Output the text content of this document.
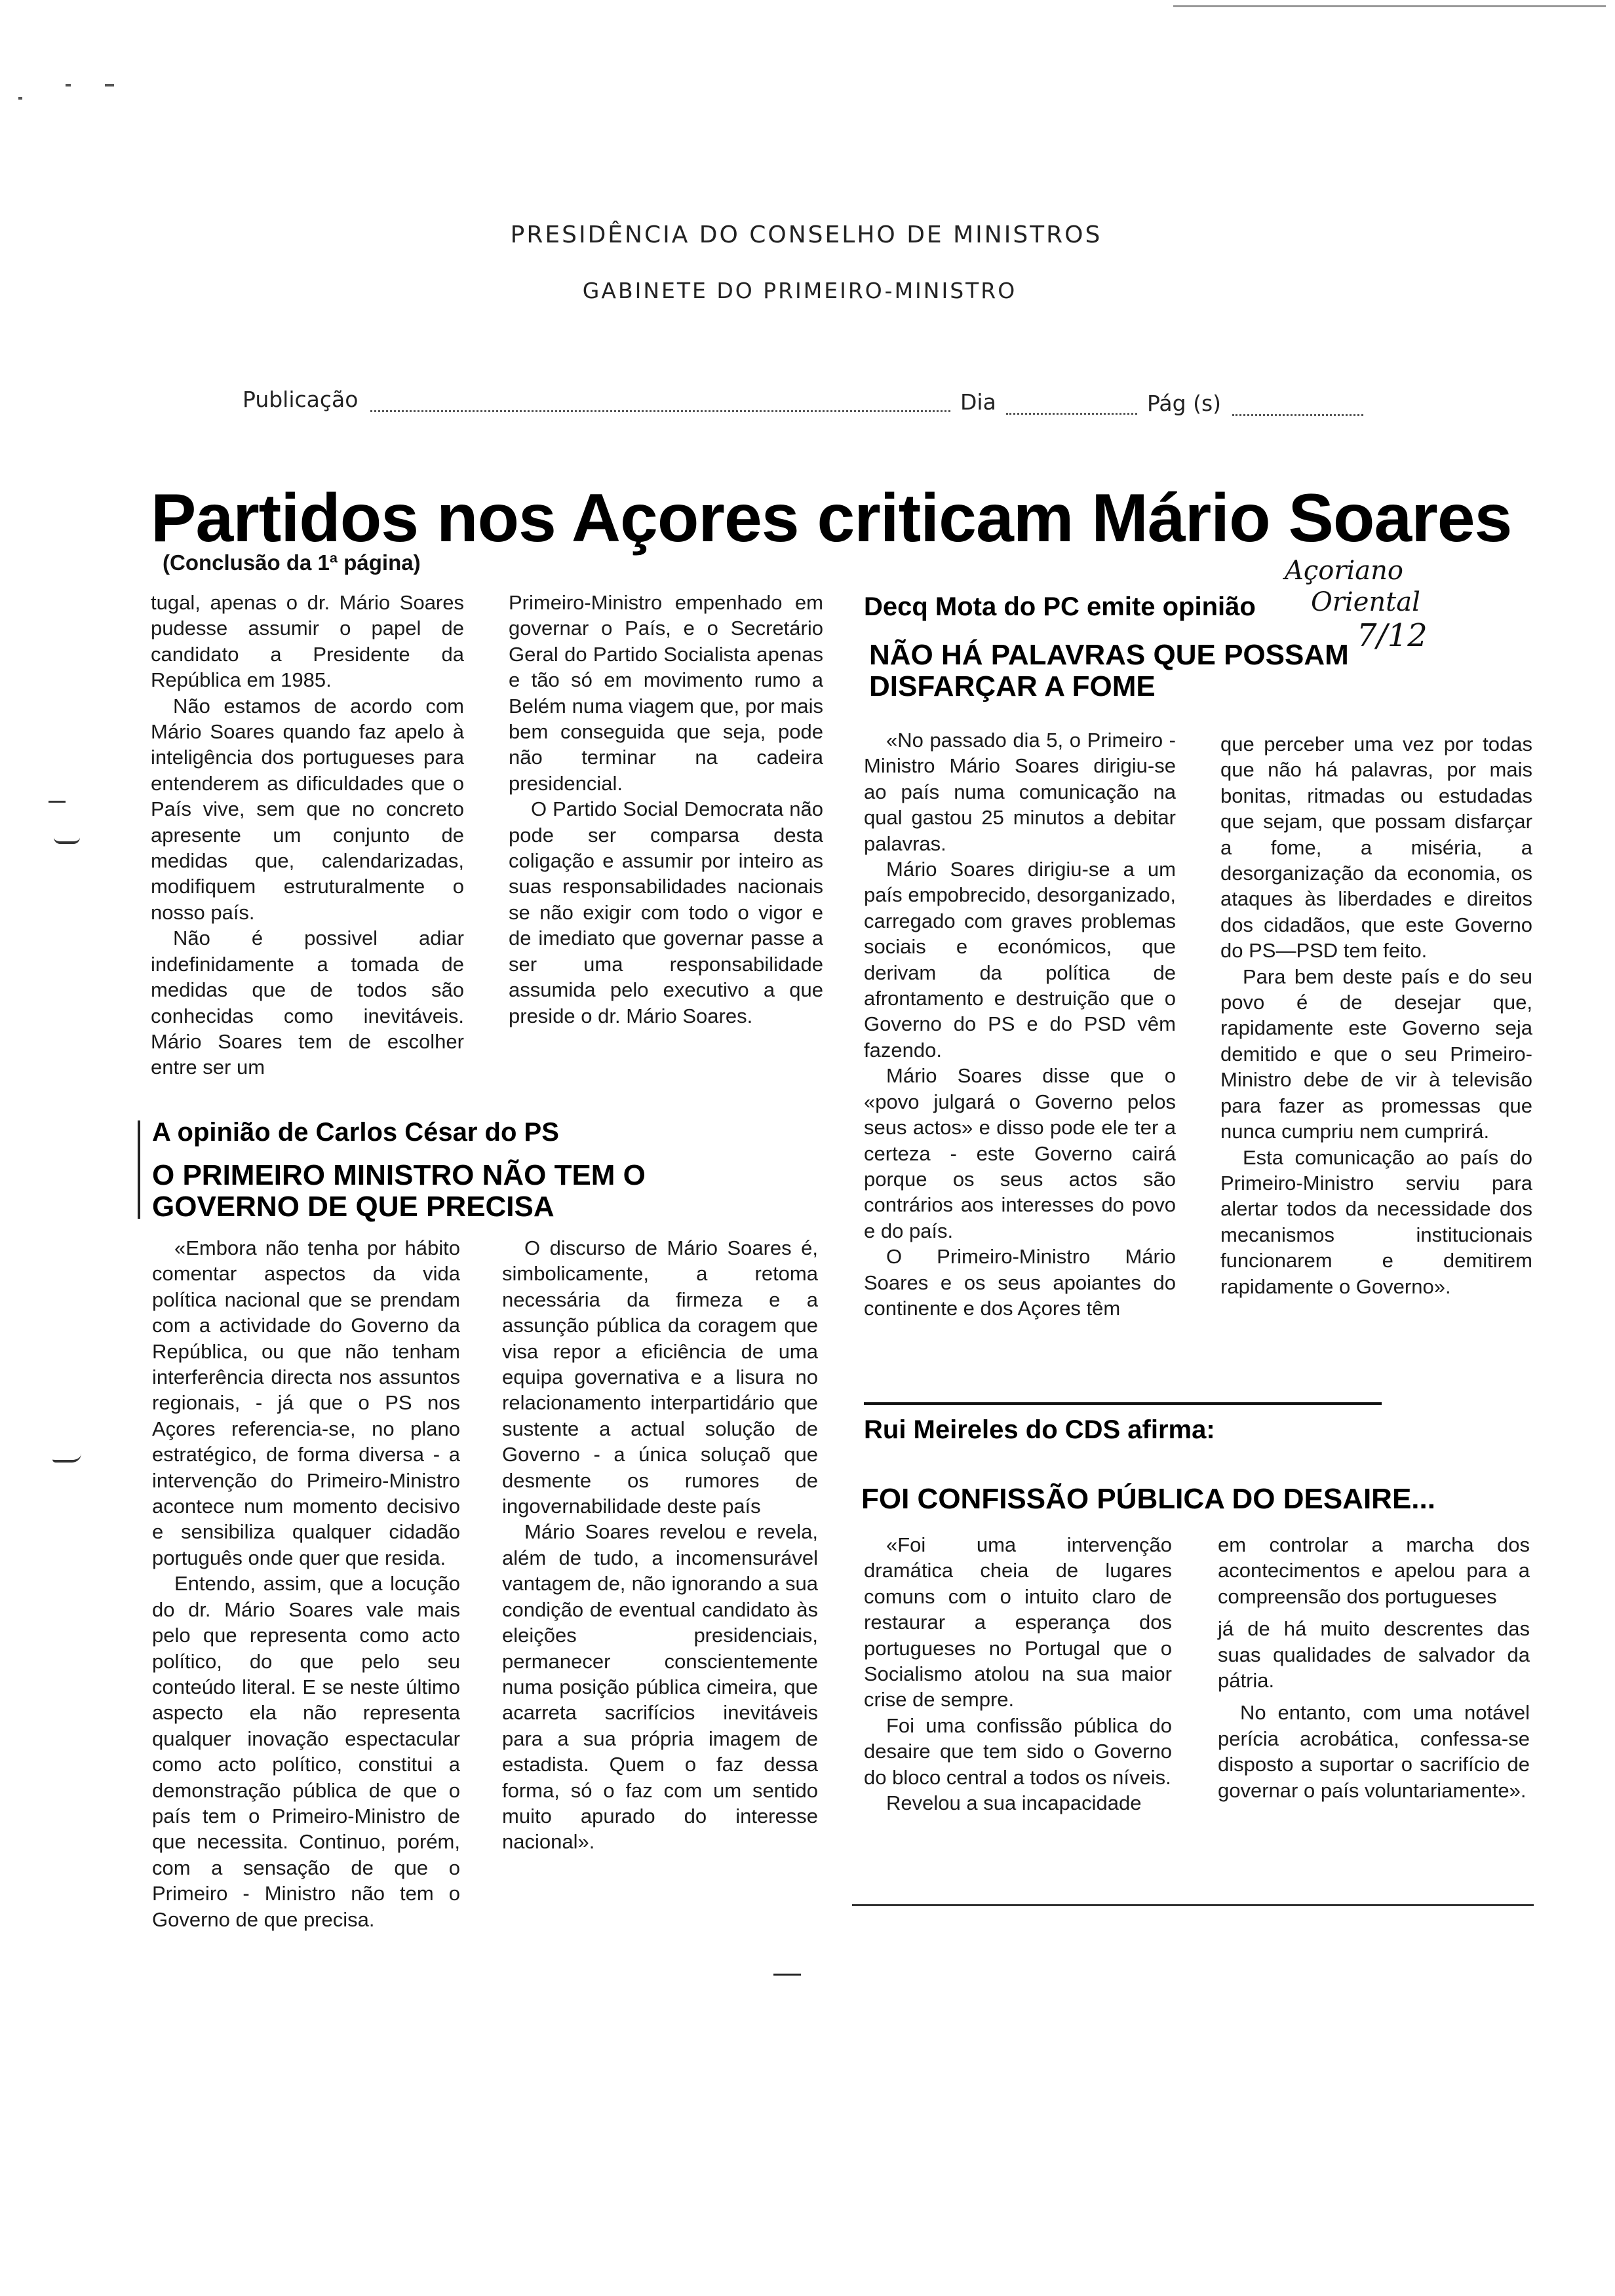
PRESIDÊNCIA DO CONSELHO DE MINISTROS
GABINETE DO PRIMEIRO-MINISTRO
Publicação	Dia	Pág (s)
Partidos nos Açores criticam Mário Soares
(Conclusão da 1ª página)	Açoriano
Oriental
7/12

tugal, apenas o dr. Mário Soares pudesse assumir o papel de candidato a Presidente da República em 1985.

Não estamos de acordo com Mário Soares quando faz apelo à inteligência dos portugueses para entenderem as dificuldades que o País vive, sem que no concreto apresente um conjunto de medidas que, calendarizadas, modifiquem estruturalmente o nosso país.

Não é possivel adiar indefinidamente a tomada de medidas que de todos são conhecidas como inevitáveis. Mário Soares tem de escolher entre ser um

Primeiro-Ministro empenhado em governar o País, e o Secretário Geral do Partido Socialista apenas e tão só em movimento rumo a Belém numa viagem que, por mais bem conseguida que seja, pode não terminar na cadeira presidencial.

O Partido Social Democrata não pode ser comparsa desta coligação e assumir por inteiro as suas responsabilidades nacionais se não exigir com todo o vigor e de imediato que governar passe a ser uma responsabilidade assumida pelo executivo a que preside o dr. Mário Soares.

A opinião de Carlos César do PS
O PRIMEIRO MINISTRO NÃO TEM O
GOVERNO DE QUE PRECISA

«Embora não tenha por hábito comentar aspectos da vida política nacional que se prendam com a actividade do Governo da República, ou que não tenham interferência directa nos assuntos regionais, - já que o PS nos Açores referencia-se, no plano estratégico, de forma diversa - a intervenção do Primeiro-Ministro acontece num momento decisivo e sensibiliza qualquer cidadão português onde quer que resida.

Entendo, assim, que a locução do dr. Mário Soares vale mais pelo que representa como acto político, do que pelo seu conteúdo literal. E se neste último aspecto ela não representa qualquer inovação espectacular como acto político, constitui a demonstração pública de que o país tem o Primeiro-Ministro de que necessita. Continuo, porém, com a sensação de que o Primeiro - Ministro não tem o Governo de que precisa.

O discurso de Mário Soares é, simbolicamente, a retoma necessária da firmeza e a assunção pública da coragem que visa repor a eficiência de uma equipa governativa e a lisura no relacionamento interpartidário que sustente a actual solução de Governo - a única soluçaõ que desmente os rumores de ingovernabilidade deste país

Mário Soares revelou e revela, além de tudo, a incomensurável vantagem de, não ignorando a sua condição de eventual candidato às eleições presidenciais, permanecer conscientemente numa posição pública cimeira, que acarreta sacrifícios inevitáveis para a sua própria imagem de estadista. Quem o faz dessa forma, só o faz com um sentido muito apurado do interesse nacional».

Decq Mota do PC emite opinião
NÃO HÁ PALAVRAS QUE POSSAM
DISFARÇAR A FOME

«No passado dia 5, o Primeiro - Ministro Mário Soares dirigiu-se ao país numa comunicação na qual gastou 25 minutos a debitar palavras.

Mário Soares dirigiu-se a um país empobrecido, desorganizado, carregado com graves problemas sociais e económicos, que derivam da política de afrontamento e destruição que o Governo do PS e do PSD vêm fazendo.

Mário Soares disse que o «povo julgará o Governo pelos seus actos» e disso pode ele ter a certeza - este Governo cairá porque os seus actos são contrários aos interesses do povo e do país.

O Primeiro-Ministro Mário Soares e os seus apoiantes do continente e dos Açores têm

que perceber uma vez por todas que não há palavras, por mais bonitas, ritmadas ou estudadas que sejam, que possam disfarçar a fome, a miséria, a desorganização da economia, os ataques às liberdades e direitos dos cidadãos, que este Governo do PS—PSD tem feito.

Para bem deste país e do seu povo é de desejar que, rapidamente este Governo seja demitido e que o seu Primeiro-Ministro debe de vir à televisão para fazer as promessas que nunca cumpriu nem cumprirá.

Esta comunicação ao país do Primeiro-Ministro serviu para alertar todos da necessidade dos mecanismos institucionais funcionarem e demitirem rapidamente o Governo».

Rui Meireles do CDS afirma:
FOI CONFISSÃO PÚBLICA DO DESAIRE...

«Foi uma intervenção dramática cheia de lugares comuns com o intuito claro de restaurar a esperança dos portugueses no Portugal que o Socialismo atolou na sua maior crise de sempre.

Foi uma confissão pública do desaire que tem sido o Governo do bloco central a todos os níveis.

Revelou a sua incapacidade

em controlar a marcha dos acontecimentos e apelou para a compreensão dos portugueses

já de há muito descrentes das suas qualidades de salvador da pátria.

No entanto, com uma notável perícia acrobática, confessa-se disposto a suportar o sacrifício de governar o país voluntariamente».
